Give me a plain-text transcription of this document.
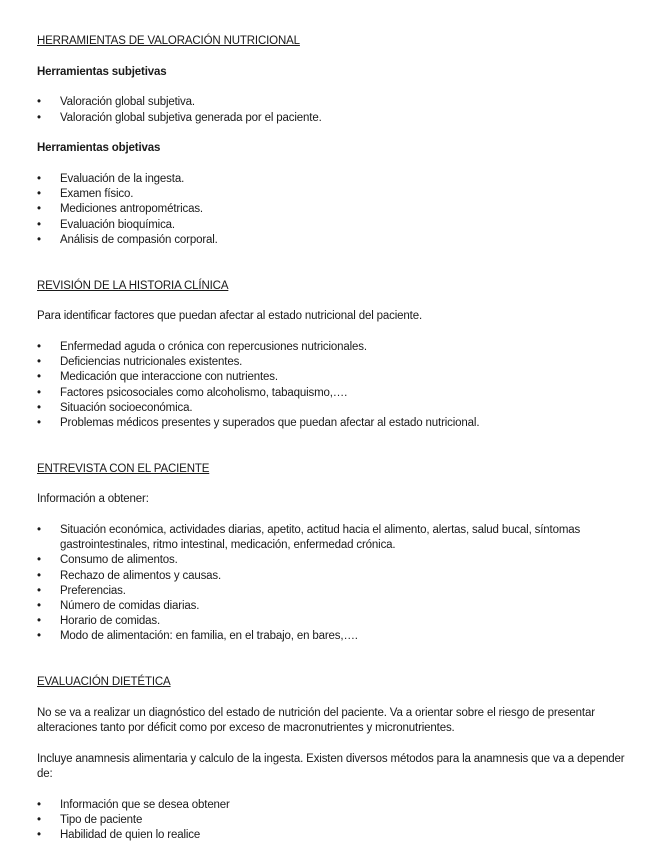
HERRAMIENTAS DE VALORACIÓN NUTRICIONAL
Herramientas subjetivas
• Valoración global subjetiva.
• Valoración global subjetiva generada por el paciente.
Herramientas objetivas
• Evaluación de la ingesta.
• Examen físico.
• Mediciones antropométricas.
• Evaluación bioquímica.
• Análisis de compasión corporal.
REVISIÓN DE LA HISTORIA CLÍNICA

Para identificar factores que puedan afectar al estado nutricional del paciente.

• Enfermedad aguda o crónica con repercusiones nutricionales.
• Deficiencias nutricionales existentes.
• Medicación que interaccione con nutrientes.
• Factores psicosociales como alcoholismo, tabaquismo,….
• Situación socioeconómica.
• Problemas médicos presentes y superados que puedan afectar al estado nutricional.
ENTREVISTA CON EL PACIENTE

Información a obtener:

• Situación económica, actividades diarias, apetito, actitud hacia el alimento, alertas, salud bucal, síntomas gastrointestinales, ritmo intestinal, medicación, enfermedad crónica.
• Consumo de alimentos.
• Rechazo de alimentos y causas.
• Preferencias.
• Número de comidas diarias.
• Horario de comidas.
• Modo de alimentación: en familia, en el trabajo, en bares,….
EVALUACIÓN DIETÉTICA

No se va a realizar un diagnóstico del estado de nutrición del paciente. Va a orientar sobre el riesgo de presentar alteraciones tanto por déficit como por exceso de macronutrientes y micronutrientes.

Incluye anamnesis alimentaria y calculo de la ingesta. Existen diversos métodos para la anamnesis que va a depender de:

• Información que se desea obtener
• Tipo de paciente
• Habilidad de quien lo realice
